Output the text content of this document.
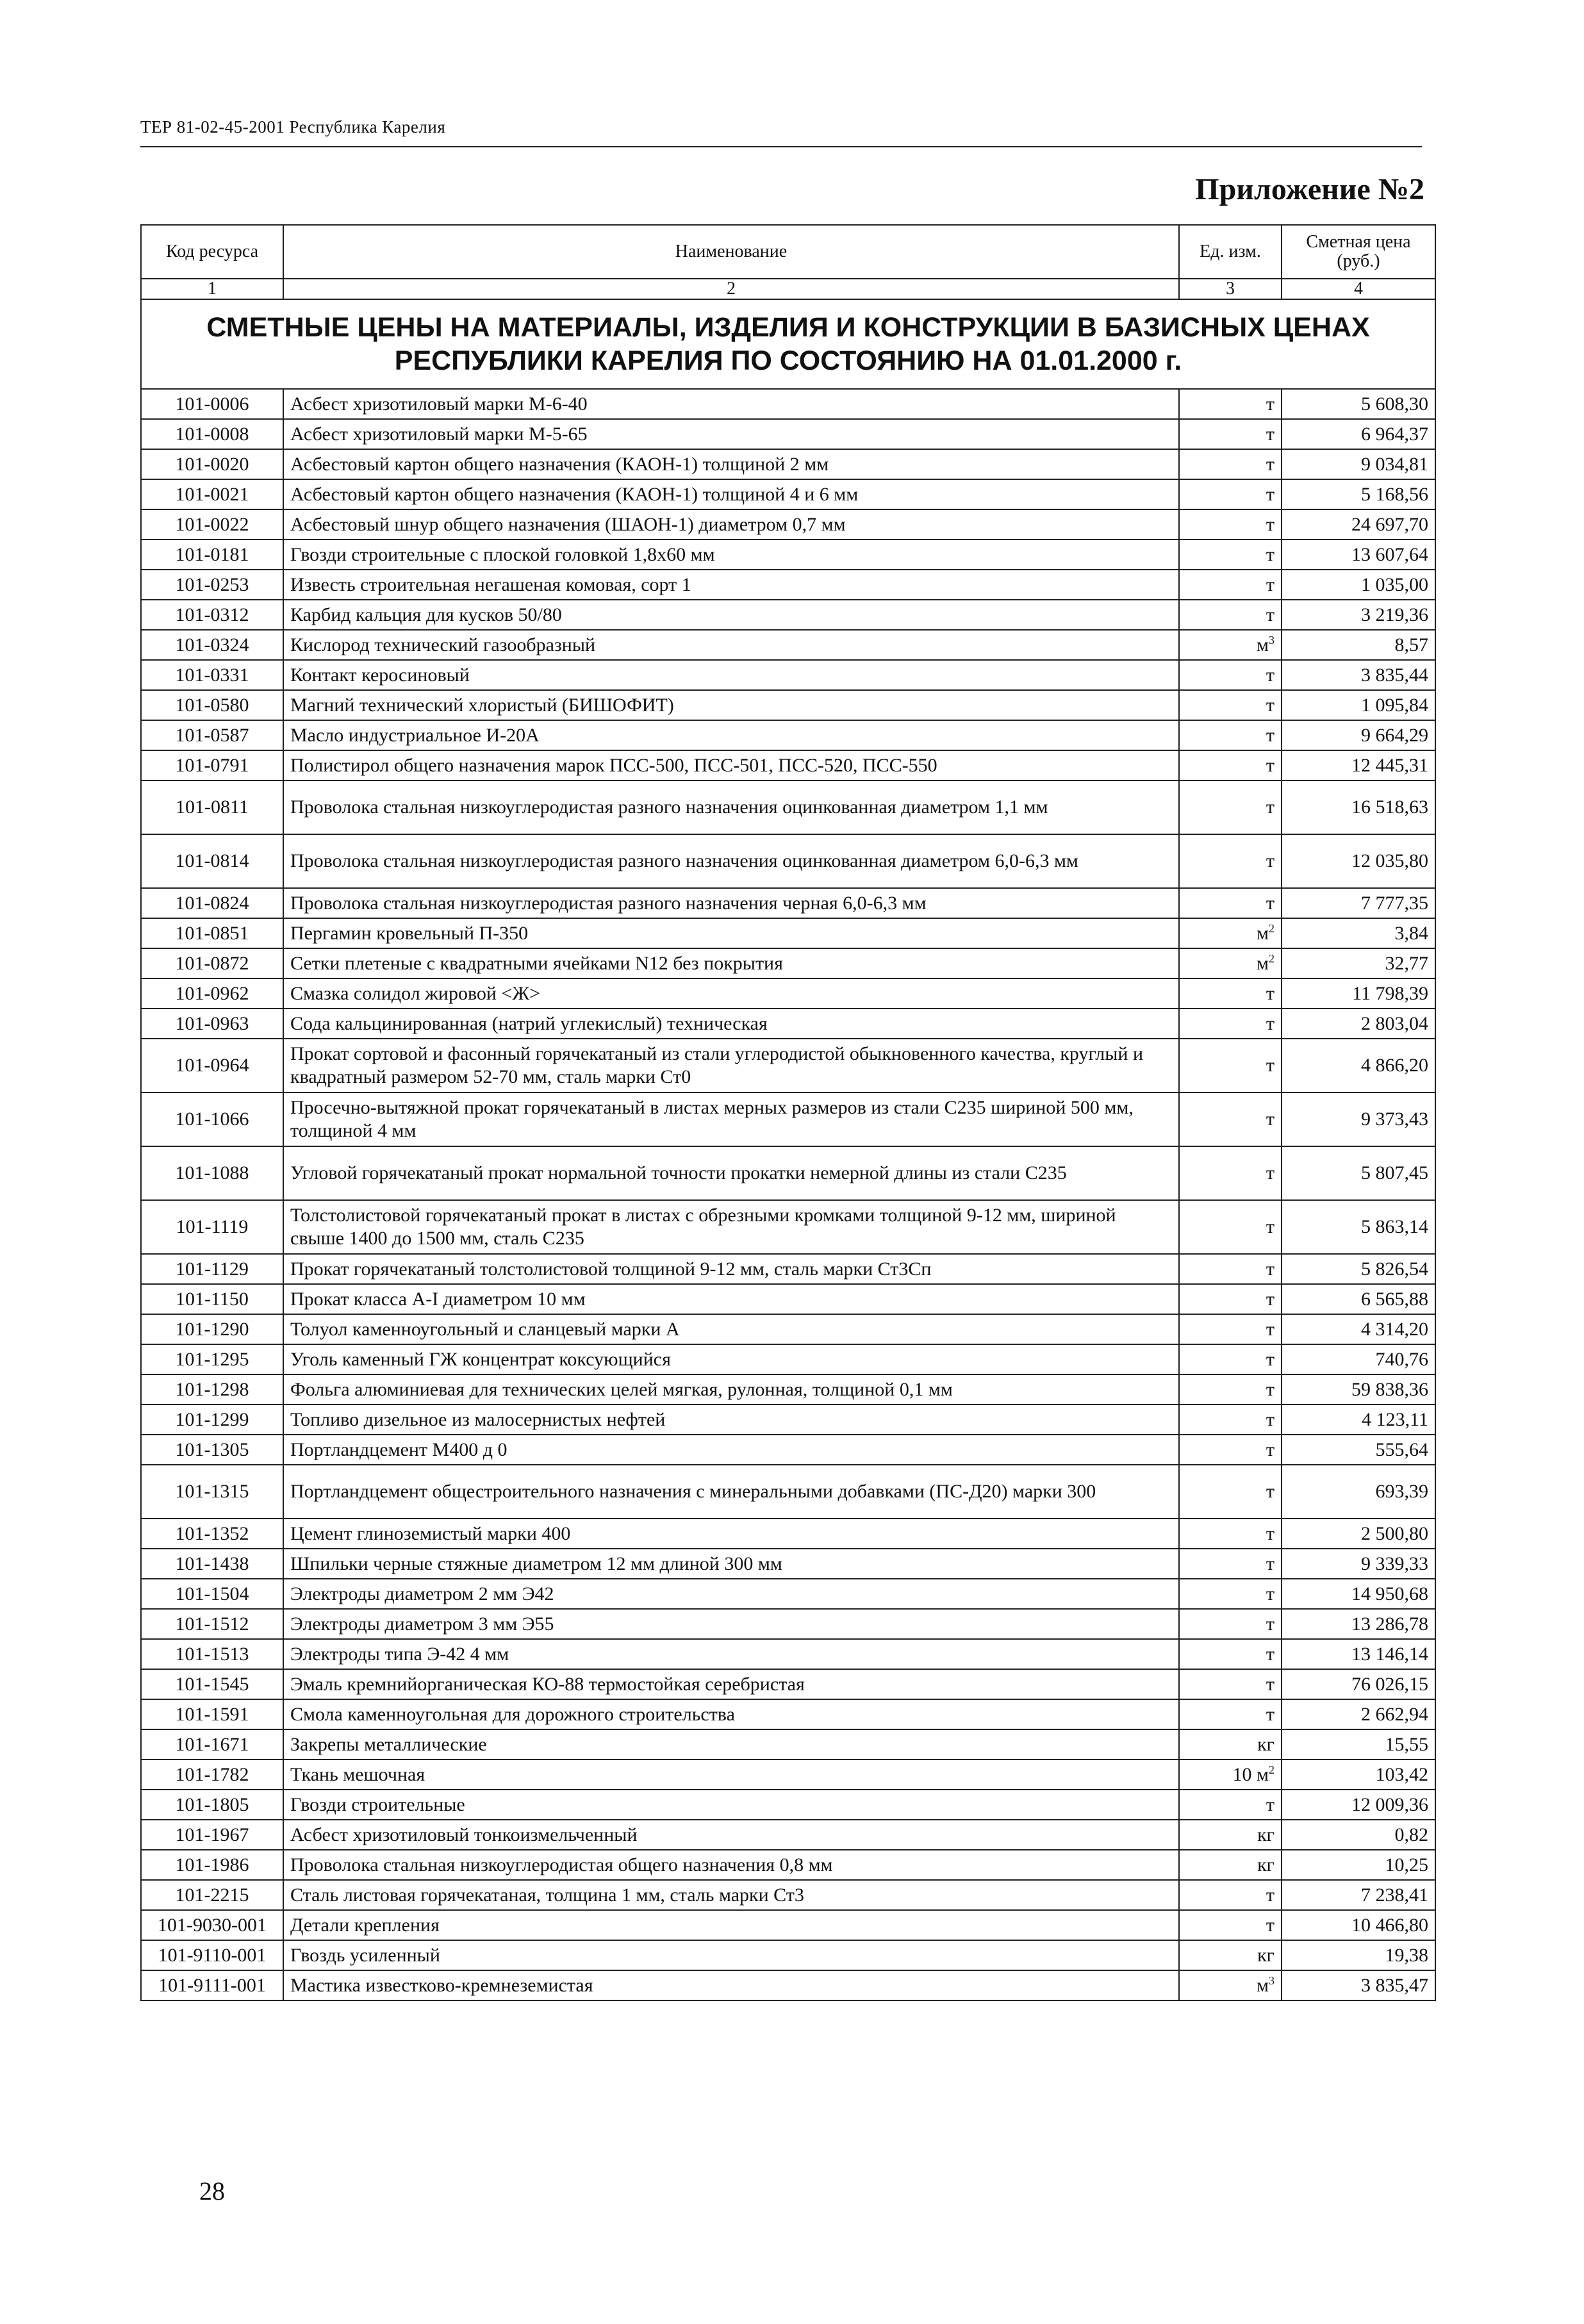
ТЕР 81-02-45-2001 Республика Карелия
Приложение №2
Код ресурса	Наименование	Ед. изм.	Сметная цена (руб.)
1	2	3	4
СМЕТНЫЕ ЦЕНЫ НА МАТЕРИАЛЫ, ИЗДЕЛИЯ И КОНСТРУКЦИИ В БАЗИСНЫХ ЦЕНАХ РЕСПУБЛИКИ КАРЕЛИЯ ПО СОСТОЯНИЮ НА 01.01.2000 г.			
101-0006	Асбест хризотиловый марки М-6-40	т	5 608,30
101-0008	Асбест хризотиловый марки М-5-65	т	6 964,37
101-0020	Асбестовый картон общего назначения (КАОН-1) толщиной 2 мм	т	9 034,81
101-0021	Асбестовый картон общего назначения (КАОН-1) толщиной 4 и 6 мм	т	5 168,56
101-0022	Асбестовый шнур общего назначения (ШАОН-1) диаметром 0,7 мм	т	24 697,70
101-0181	Гвозди строительные с плоской головкой 1,8х60 мм	т	13 607,64
101-0253	Известь строительная негашеная комовая, сорт 1	т	1 035,00
101-0312	Карбид кальция для кусков 50/80	т	3 219,36
101-0324	Кислород технический газообразный	$м^3$	8,57
101-0331	Контакт керосиновый	т	3 835,44
101-0580	Магний технический хлористый (БИШОФИТ)	т	1 095,84
101-0587	Масло индустриальное И-20А	т	9 664,29
101-0791	Полистирол общего назначения марок ПСС-500, ПСС-501, ПСС-520, ПСС-550	т	12 445,31
101-0811	Проволока стальная низкоуглеродистая разного назначения оцинкованная диаметром 1,1 мм	т	16 518,63
101-0814	Проволока стальная низкоуглеродистая разного назначения оцинкованная диаметром 6,0-6,3 мм	т	12 035,80
101-0824	Проволока стальная низкоуглеродистая разного назначения черная 6,0-6,3 мм	т	7 777,35
101-0851	Пергамин кровельный П-350	$м^2$	3,84
101-0872	Сетки плетеные с квадратными ячейками N12 без покрытия	$м^2$	32,77
101-0962	Смазка солидол жировой <Ж>	т	11 798,39
101-0963	Сода кальцинированная (натрий углекислый) техническая	т	2 803,04
101-0964	Прокат сортовой и фасонный горячекатаный из стали углеродистой обыкновенного качества, круглый и квадратный размером 52-70 мм, сталь марки Ст0	т	4 866,20
101-1066	Просечно-вытяжной прокат горячекатаный в листах мерных размеров из стали С235 шириной 500 мм, толщиной 4 мм	т	9 373,43
101-1088	Угловой горячекатаный прокат нормальной точности прокатки немерной длины из стали С235	т	5 807,45
101-1119	Толстолистовой горячекатаный прокат в листах с обрезными кромками толщиной 9-12 мм, шириной свыше 1400 до 1500 мм, сталь С235	т	5 863,14
101-1129	Прокат горячекатаный толстолистовой толщиной 9-12 мм, сталь марки Ст3Сп	т	5 826,54
101-1150	Прокат класса А-I диаметром 10 мм	т	6 565,88
101-1290	Толуол каменноугольный и сланцевый марки А	т	4 314,20
101-1295	Уголь каменный ГЖ концентрат коксующийся	т	740,76
101-1298	Фольга алюминиевая для технических целей мягкая, рулонная, толщиной 0,1 мм	т	59 838,36
101-1299	Топливо дизельное из малосернистых нефтей	т	4 123,11
101-1305	Портландцемент М400 д 0	т	555,64
101-1315	Портландцемент общестроительного назначения с минеральными добавками (ПС-Д20) марки 300	т	693,39
101-1352	Цемент глиноземистый марки 400	т	2 500,80
101-1438	Шпильки черные стяжные диаметром 12 мм длиной 300 мм	т	9 339,33
101-1504	Электроды диаметром 2 мм Э42	т	14 950,68
101-1512	Электроды диаметром 3 мм Э55	т	13 286,78
101-1513	Электроды типа Э-42 4 мм	т	13 146,14
101-1545	Эмаль кремнийорганическая КО-88 термостойкая серебристая	т	76 026,15
101-1591	Смола каменноугольная для дорожного строительства	т	2 662,94
101-1671	Закрепы металлические	кг	15,55
101-1782	Ткань мешочная	10 $м^2$	103,42
101-1805	Гвозди строительные	т	12 009,36
101-1967	Асбест хризотиловый тонкоизмельченный	кг	0,82
101-1986	Проволока стальная низкоуглеродистая общего назначения 0,8 мм	кг	10,25
101-2215	Сталь листовая горячекатаная, толщина 1 мм, сталь марки Ст3	т	7 238,41
101-9030-001	Детали крепления	т	10 466,80
101-9110-001	Гвоздь усиленный	кг	19,38
101-9111-001	Мастика известково-кремнеземистая	$м^3$	3 835,47
28
